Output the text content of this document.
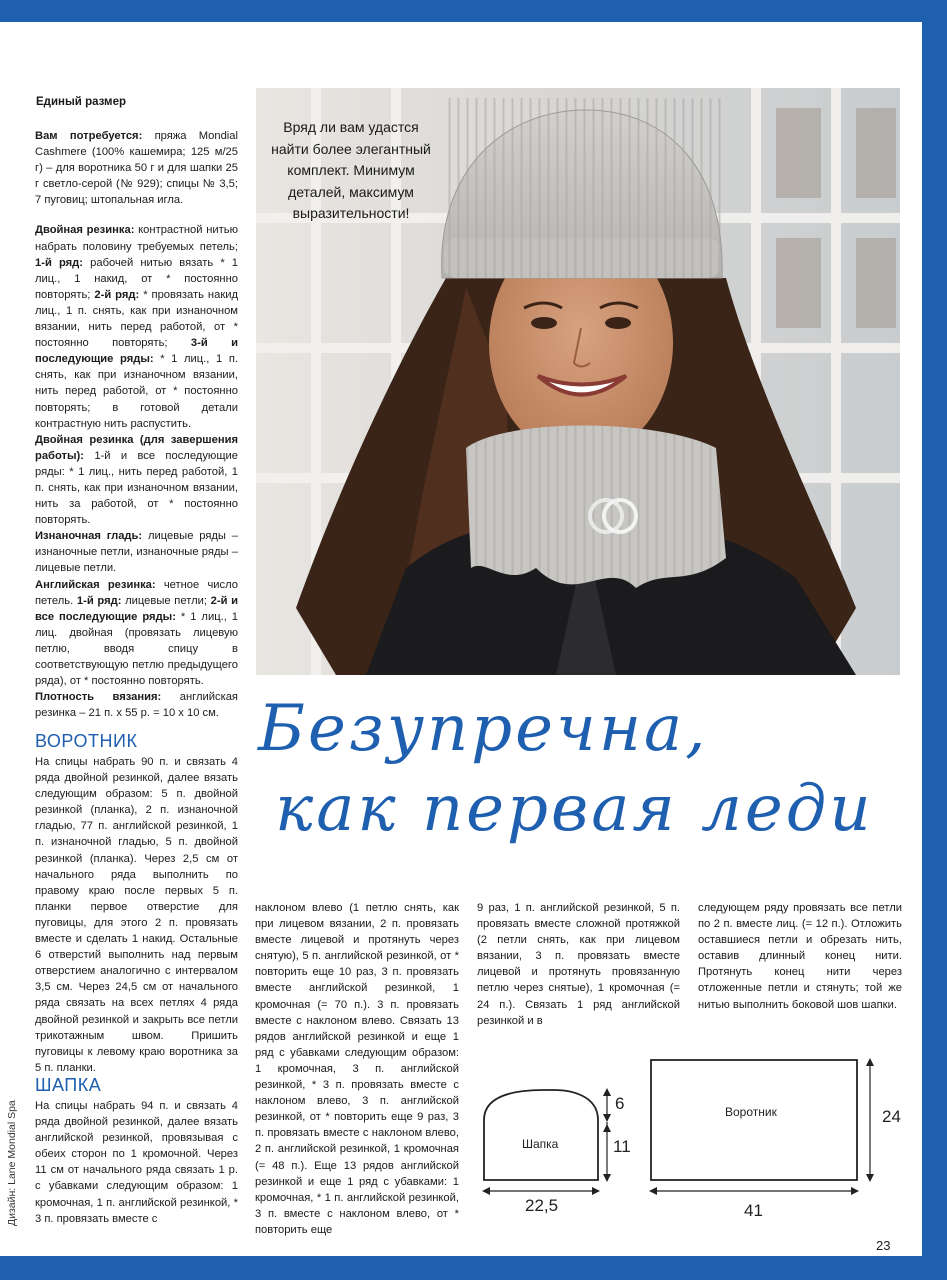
Единый размер

Вам потребуется: пряжа Mondial Cashmere (100% кашемира; 125 м/25 г) – для воротника 50 г и для шапки 25 г светло-серой (№ 929); спицы № 3,5; 7 пуговиц; штопальная игла.

Двойная резинка: контрастной нитью набрать половину требуемых петель; 1-й ряд: рабочей нитью вязать * 1 лиц., 1 накид, от * постоянно повторять; 2-й ряд: * провязать накид лиц., 1 п. снять, как при изнаночном вязании, нить перед работой, от * постоянно повторять; 3-й и последующие ряды: * 1 лиц., 1 п. снять, как при изнаночном вязании, нить перед работой, от * постоянно повторять; в готовой детали контрастную нить распустить.

Двойная резинка (для завершения работы): 1-й и все последующие ряды: * 1 лиц., нить перед работой, 1 п. снять, как при изнаночном вязании, нить за работой, от * постоянно повторять.

Изнаночная гладь: лицевые ряды – изнаночные петли, изнаночные ряды – лицевые петли.

Английская резинка: четное число петель. 1-й ряд: лицевые петли; 2-й и все последующие ряды: * 1 лиц., 1 лиц. двойная (провязать лицевую петлю, вводя спицу в соответствующую петлю предыдущего ряда), от * постоянно повторять.

Плотность вязания: английская резинка – 21 п. х 55 р. = 10 х 10 см.

ВОРОТНИК
На спицы набрать 90 п. и связать 4 ряда двойной резинкой, далее вязать следующим образом: 5 п. двойной резинкой (планка), 2 п. изнаночной гладью, 77 п. английской резинкой, 1 п. изнаночной гладью, 5 п. двойной резинкой (планка). Через 2,5 см от начального ряда выполнить по правому краю после первых 5 п. планки первое отверстие для пуговицы, для этого 2 п. провязать вместе и сделать 1 накид. Остальные 6 отверстий выполнить над первым отверстием аналогично с интервалом 3,5 см. Через 24,5 см от начального ряда связать на всех петлях 4 ряда двойной резинкой и закрыть все петли трикотажным швом. Пришить пуговицы к левому краю воротника за 5 п. планки.
ШАПКА
На спицы набрать 94 п. и связать 4 ряда двойной резинкой, далее вязать английской резинкой, провязывая с обеих сторон по 1 кромочной. Через 11 см от начального ряда связать 1 р. с убавками следующим образом: 1 кромочная, 1 п. английской резинкой, * 3 п. провязать вместе с
Дизайн: Lane Mondial Spa
Вряд ли вам удастся найти более элегантный комплект. Минимум деталей, максимум выразительности!
Безупречна,
как первая леди
наклоном влево (1 петлю снять, как при лицевом вязании, 2 п. провязать вместе лицевой и протянуть через снятую), 5 п. английской резинкой, от * повторить еще 10 раз, 3 п. провязать вместе английской резинкой, 1 кромочная (= 70 п.). 3 п. провязать вместе с наклоном влево. Связать 13 рядов английской резинкой и еще 1 ряд с убавками следующим образом: 1 кромочная, 3 п. английской резинкой, * 3 п. провязать вместе с наклоном влево, 3 п. английской резинкой, от * повторить еще 9 раз, 3 п. провязать вместе с наклоном влево, 2 п. английской резинкой, 1 кромочная (= 48 п.). Еще 13 рядов английской резинкой и еще 1 ряд с убавками: 1 кромочная, * 1 п. английской резинкой, 3 п. вместе с наклоном влево, от * повторить еще
9 раз, 1 п. английской резинкой, 5 п. провязать вместе сложной протяжкой (2 петли снять, как при лицевом вязании, 3 п. провязать вместе лицевой и протянуть провязанную петлю через снятые), 1 кромочная (= 24 п.). Связать 1 ряд английской резинкой и в
следующем ряду провязать все петли по 2 п. вместе лиц. (= 12 п.). Отложить оставшиеся петли и обрезать нить, оставив длинный конец нити. Протянуть конец нити через отложенные петли и стянуть; той же нитью выполнить боковой шов шапки.
Шапка
6
11
22,5
Воротник	24
41
23
